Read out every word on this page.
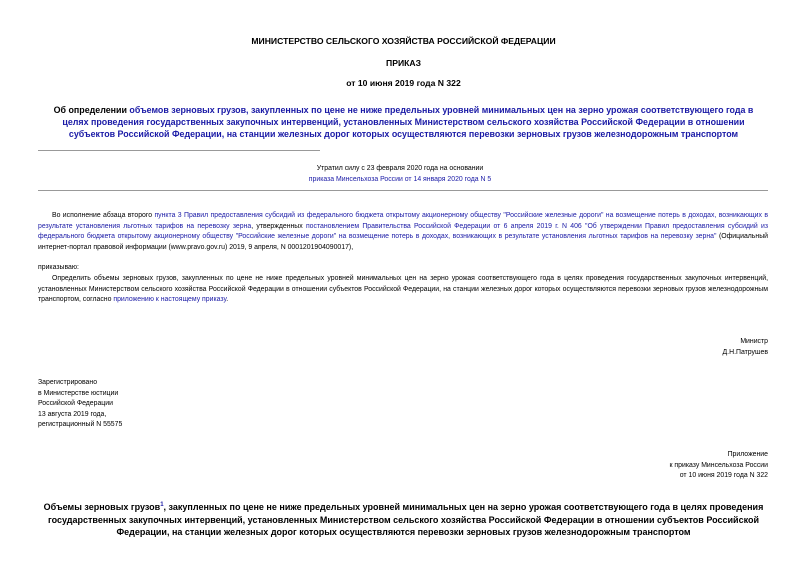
МИНИСТЕРСТВО СЕЛЬСКОГО ХОЗЯЙСТВА РОССИЙСКОЙ ФЕДЕРАЦИИ
ПРИКАЗ
от 10 июня 2019 года N 322
Об определении объемов зерновых грузов, закупленных по цене не ниже предельных уровней минимальных цен на зерно урожая соответствующего года в целях проведения государственных закупочных интервенций, установленных Министерством сельского хозяйства Российской Федерации в отношении субъектов Российской Федерации, на станции железных дорог которых осуществляются перевозки зерновых грузов железнодорожным транспортом
Утратил силу с 23 февраля 2020 года на основании
приказа Минсельхоза России от 14 января 2020 года N 5
Во исполнение абзаца второго пункта 3 Правил предоставления субсидий из федерального бюджета открытому акционерному обществу "Российские железные дороги" на возмещение потерь в доходах, возникающих в результате установления льготных тарифов на перевозку зерна, утвержденных постановлением Правительства Российской Федерации от 6 апреля 2019 г. N 406 "Об утверждении Правил предоставления субсидий из федерального бюджета открытому акционерному обществу "Российские железные дороги" на возмещение потерь в доходах, возникающих в результате установления льготных тарифов на перевозку зерна" (Официальный интернет-портал правовой информации (www.pravo.gov.ru) 2019, 9 апреля, N 0001201904090017),
приказываю:
Определить объемы зерновых грузов, закупленных по цене не ниже предельных уровней минимальных цен на зерно урожая соответствующего года в целях проведения государственных закупочных интервенций, установленных Министерством сельского хозяйства Российской Федерации в отношении субъектов Российской Федерации, на станции железных дорог которых осуществляются перевозки зерновых грузов железнодорожным транспортом, согласно приложению к настоящему приказу.
Министр
Д.Н.Патрушев
Зарегистрировано
в Министерстве юстиции
Российской Федерации
13 августа 2019 года,
регистрационный N 55575
Приложение
к приказу Минсельхоза России
от 10 июня 2019 года N 322
Объемы зерновых грузов$^1$, закупленных по цене не ниже предельных уровней минимальных цен на зерно урожая соответствующего года в целях проведения государственных закупочных интервенций, установленных Министерством сельского хозяйства Российской Федерации в отношении субъектов Российской Федерации, на станции железных дорог которых осуществляются перевозки зерновых грузов железнодорожным транспортом
